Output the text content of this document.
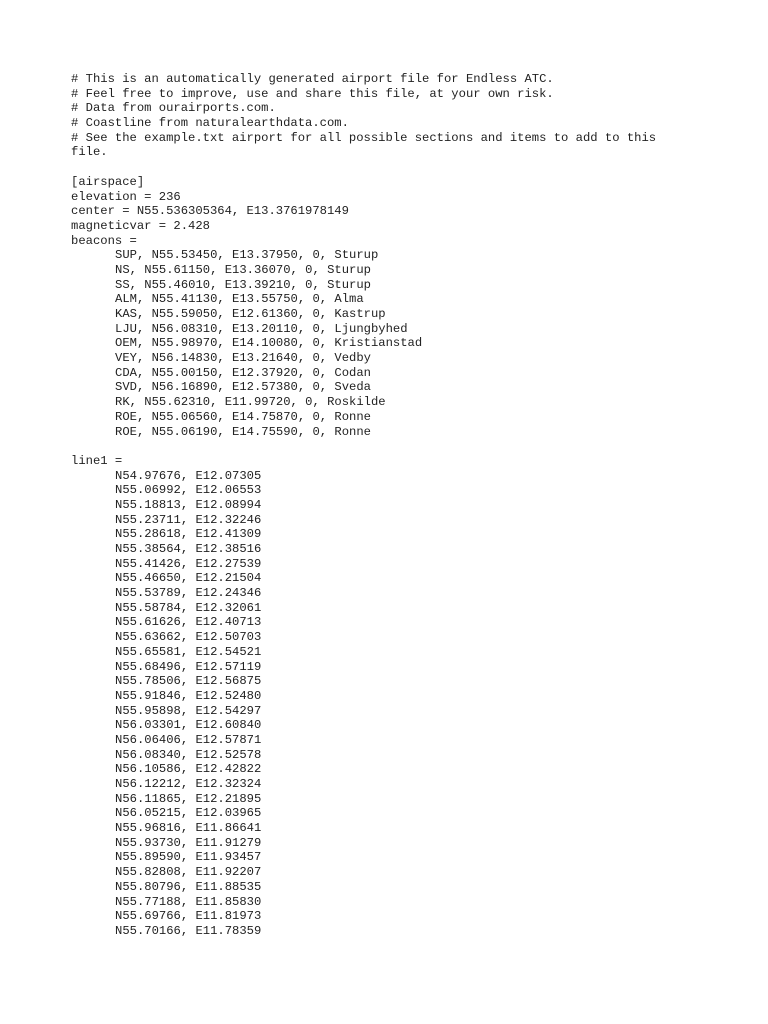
# This is an automatically generated airport file for Endless ATC.
# Feel free to improve, use and share this file, at your own risk.
# Data from ourairports.com.
# Coastline from naturalearthdata.com.
# See the example.txt airport for all possible sections and items to add to this
file.
[airspace]
elevation = 236
center = N55.536305364, E13.3761978149
magneticvar = 2.428
beacons =
SUP, N55.53450, E13.37950, 0, Sturup
NS, N55.61150, E13.36070, 0, Sturup
SS, N55.46010, E13.39210, 0, Sturup
ALM, N55.41130, E13.55750, 0, Alma
KAS, N55.59050, E12.61360, 0, Kastrup
LJU, N56.08310, E13.20110, 0, Ljungbyhed
OEM, N55.98970, E14.10080, 0, Kristianstad
VEY, N56.14830, E13.21640, 0, Vedby
CDA, N55.00150, E12.37920, 0, Codan
SVD, N56.16890, E12.57380, 0, Sveda
RK, N55.62310, E11.99720, 0, Roskilde
ROE, N55.06560, E14.75870, 0, Ronne
ROE, N55.06190, E14.75590, 0, Ronne
line1 =
N54.97676, E12.07305
N55.06992, E12.06553
N55.18813, E12.08994
N55.23711, E12.32246
N55.28618, E12.41309
N55.38564, E12.38516
N55.41426, E12.27539
N55.46650, E12.21504
N55.53789, E12.24346
N55.58784, E12.32061
N55.61626, E12.40713
N55.63662, E12.50703
N55.65581, E12.54521
N55.68496, E12.57119
N55.78506, E12.56875
N55.91846, E12.52480
N55.95898, E12.54297
N56.03301, E12.60840
N56.06406, E12.57871
N56.08340, E12.52578
N56.10586, E12.42822
N56.12212, E12.32324
N56.11865, E12.21895
N56.05215, E12.03965
N55.96816, E11.86641
N55.93730, E11.91279
N55.89590, E11.93457
N55.82808, E11.92207
N55.80796, E11.88535
N55.77188, E11.85830
N55.69766, E11.81973
N55.70166, E11.78359
